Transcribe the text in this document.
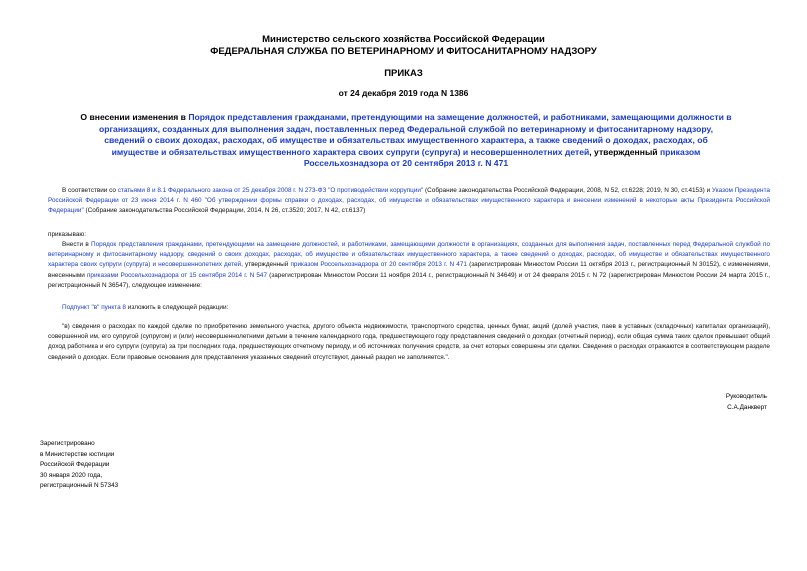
Министерство сельского хозяйства Российской Федерации
ФЕДЕРАЛЬНАЯ СЛУЖБА ПО ВЕТЕРИНАРНОМУ И ФИТОСАНИТАРНОМУ НАДЗОРУ
ПРИКАЗ
от 24 декабря 2019 года N 1386
О внесении изменения в Порядок представления гражданами, претендующими на замещение должностей, и работниками, замещающими должности в организациях, созданных для выполнения задач, поставленных перед Федеральной службой по ветеринарному и фитосанитарному надзору, сведений о своих доходах, расходах, об имуществе и обязательствах имущественного характера, а также сведений о доходах, расходах, об имуществе и обязательствах имущественного характера своих супруги (супруга) и несовершеннолетних детей, утвержденный приказом Россельхознадзора от 20 сентября 2013 г. N 471
В соответствии со статьями 8 и 8.1 Федерального закона от 25 декабря 2008 г. N 273-ФЗ "О противодействии коррупции" (Собрание законодательства Российской Федерации, 2008, N 52, ст.6228; 2019, N 30, ст.4153) и Указом Президента Российской Федерации от 23 июня 2014 г. N 460 "Об утверждении формы справки о доходах, расходах, об имуществе и обязательствах имущественного характера и внесении изменений в некоторые акты Президента Российской Федерации" (Собрание законодательства Российской Федерации, 2014, N 26, ст.3520; 2017, N 42, ст.6137)
приказываю:
Внести в Порядок представления гражданами, претендующими на замещение должностей, и работниками, замещающими должности в организациях, созданных для выполнения задач, поставленных перед Федеральной службой по ветеринарному и фитосанитарному надзору, сведений о своих доходах, расходах, об имуществе и обязательствах имущественного характера, а также сведений о доходах, расходах, об имуществе и обязательствах имущественного характера своих супруги (супруга) и несовершеннолетних детей, утвержденный приказом Россельхознадзора от 20 сентября 2013 г. N 471 (зарегистрирован Минюстом России 11 октября 2013 г., регистрационный N 30152), с изменениями, внесенными приказами Россельхознадзора от 15 сентября 2014 г. N 547 (зарегистрирован Минюстом России 11 ноября 2014 г., регистрационный N 34649) и от 24 февраля 2015 г. N 72 (зарегистрирован Минюстом России 24 марта 2015 г., регистрационный N 36547), следующее изменение:
Подпункт "в" пункта 8 изложить в следующей редакции:
"в) сведения о расходах по каждой сделке по приобретению земельного участка, другого объекта недвижимости, транспортного средства, ценных бумаг, акций (долей участия, паев в уставных (складочных) капиталах организаций), совершенной им, его супругой (супругом) и (или) несовершеннолетними детьми в течение календарного года, предшествующего году представления сведений о доходах (отчетный период), если общая сумма таких сделок превышает общий доход работника и его супруги (супруга) за три последних года, предшествующих отчетному периоду, и об источниках получения средств, за счет которых совершены эти сделки. Сведения о расходах отражаются в соответствующем разделе сведений о доходах. Если правовые основания для представления указанных сведений отсутствуют, данный раздел не заполняется.".
Руководитель
С.А.Данкверт
Зарегистрировано
в Министерстве юстиции
Российской Федерации
30 января 2020 года,
регистрационный N 57343
